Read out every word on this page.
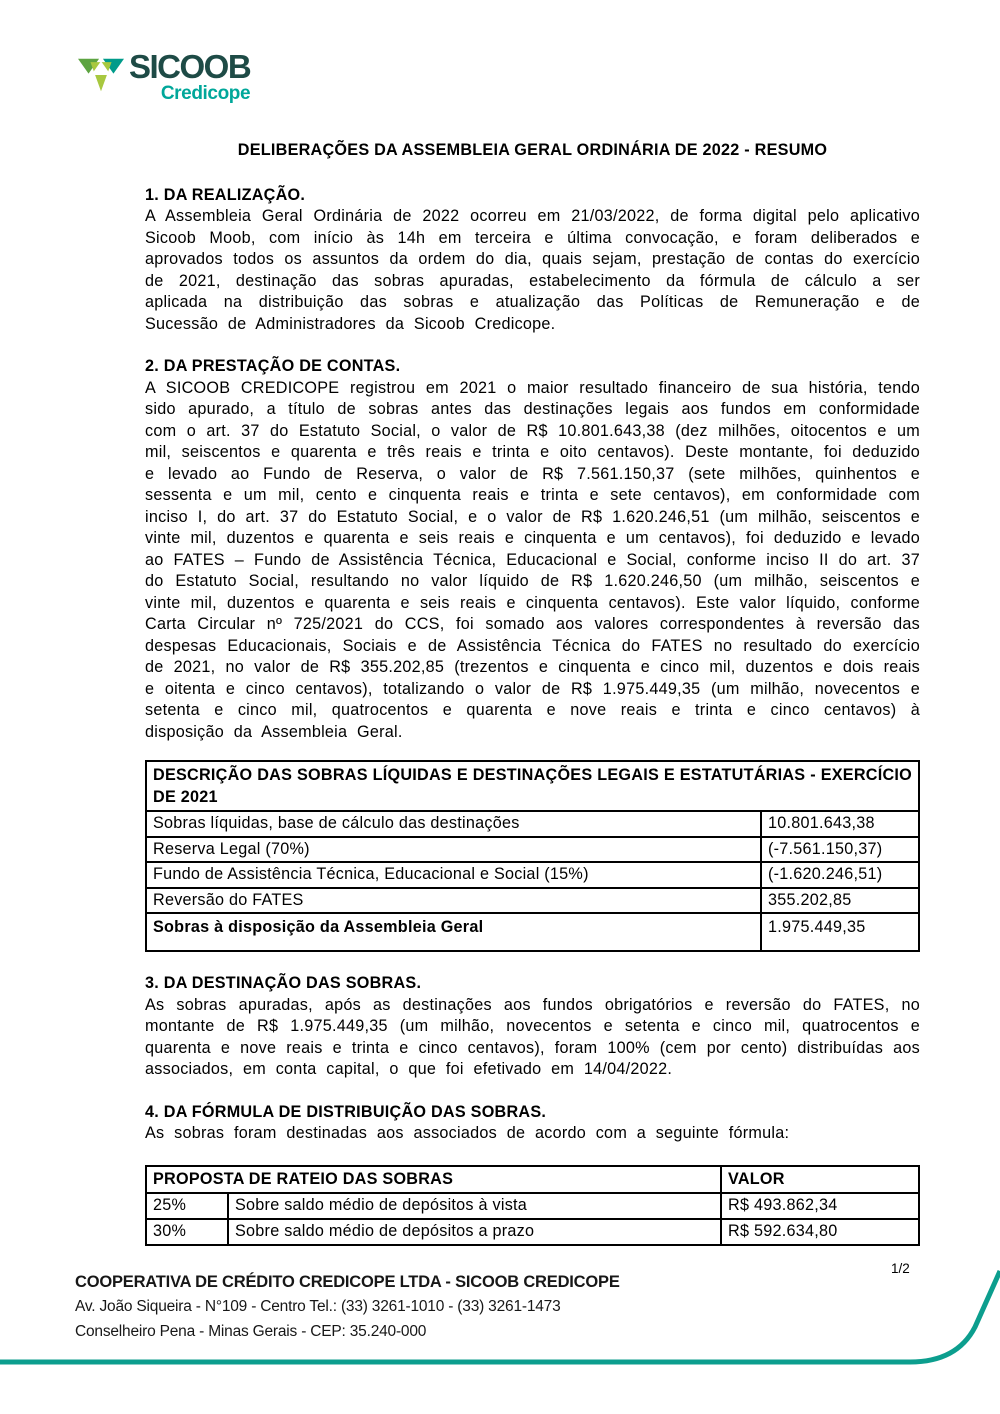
SICOOB
Credicope
DELIBERAÇÕES DA ASSEMBLEIA GERAL ORDINÁRIA DE 2022 - RESUMO
1. DA REALIZAÇÃO.

A Assembleia Geral Ordinária de 2022 ocorreu em 21/03/2022, de forma digital pelo aplicativo Sicoob Moob, com início às 14h em terceira e última convocação, e foram deliberados e aprovados todos os assuntos da ordem do dia, quais sejam, prestação de contas do exercício de 2021, destinação das sobras apuradas, estabelecimento da fórmula de cálculo a ser aplicada na distribuição das sobras e atualização das Políticas de Remuneração e de Sucessão de Administradores da Sicoob Credicope.

2. DA PRESTAÇÃO DE CONTAS.

A SICOOB CREDICOPE registrou em 2021 o maior resultado financeiro de sua história, tendo sido apurado, a título de sobras antes das destinações legais aos fundos em conformidade com o art. 37 do Estatuto Social, o valor de R$ 10.801.643,38 (dez milhões, oitocentos e um mil, seiscentos e quarenta e três reais e trinta e oito centavos). Deste montante, foi deduzido e levado ao Fundo de Reserva, o valor de R$ 7.561.150,37 (sete milhões, quinhentos e sessenta e um mil, cento e cinquenta reais e trinta e sete centavos), em conformidade com inciso I, do art. 37 do Estatuto Social, e o valor de R$ 1.620.246,51 (um milhão, seiscentos e vinte mil, duzentos e quarenta e seis reais e cinquenta e um centavos), foi deduzido e levado ao FATES – Fundo de Assistência Técnica, Educacional e Social, conforme inciso II do art. 37 do Estatuto Social, resultando no valor líquido de R$ 1.620.246,50 (um milhão, seiscentos e vinte mil, duzentos e quarenta e seis reais e cinquenta centavos). Este valor líquido, conforme Carta Circular nº 725/2021 do CCS, foi somado aos valores correspondentes à reversão das despesas Educacionais, Sociais e de Assistência Técnica do FATES no resultado do exercício de 2021, no valor de R$ 355.202,85 (trezentos e cinquenta e cinco mil, duzentos e dois reais e oitenta e cinco centavos), totalizando o valor de R$ 1.975.449,35 (um milhão, novecentos e setenta e cinco mil, quatrocentos e quarenta e nove reais e trinta e cinco centavos) à disposição da Assembleia Geral.

DESCRIÇÃO DAS SOBRAS LÍQUIDAS E DESTINAÇÕES LEGAIS E ESTATUTÁRIAS - EXERCÍCIO DE 2021	
Sobras líquidas, base de cálculo das destinações	10.801.643,38
Reserva Legal (70%)	(-7.561.150,37)
Fundo de Assistência Técnica, Educacional e Social (15%)	(-1.620.246,51)
Reversão do FATES	355.202,85
Sobras à disposição da Assembleia Geral	1.975.449,35
3. DA DESTINAÇÃO DAS SOBRAS.

As sobras apuradas, após as destinações aos fundos obrigatórios e reversão do FATES, no montante de R$ 1.975.449,35 (um milhão, novecentos e setenta e cinco mil, quatrocentos e quarenta e nove reais e trinta e cinco centavos), foram 100% (cem por cento) distribuídas aos associados, em conta capital, o que foi efetivado em 14/04/2022.

4. DA FÓRMULA DE DISTRIBUIÇÃO DAS SOBRAS.

As sobras foram destinadas aos associados de acordo com a seguinte fórmula:

PROPOSTA DE RATEIO DAS SOBRAS		VALOR
25%	Sobre saldo médio de depósitos à vista	R$ 493.862,34
30%	Sobre saldo médio de depósitos a prazo	R$ 592.634,80
COOPERATIVA DE CRÉDITO CREDICOPE LTDA - SICOOB CREDICOPE
Av. João Siqueira - N°109 - Centro Tel.: (33) 3261-1010 - (33) 3261-1473
Conselheiro Pena - Minas Gerais - CEP: 35.240-000
1/2
